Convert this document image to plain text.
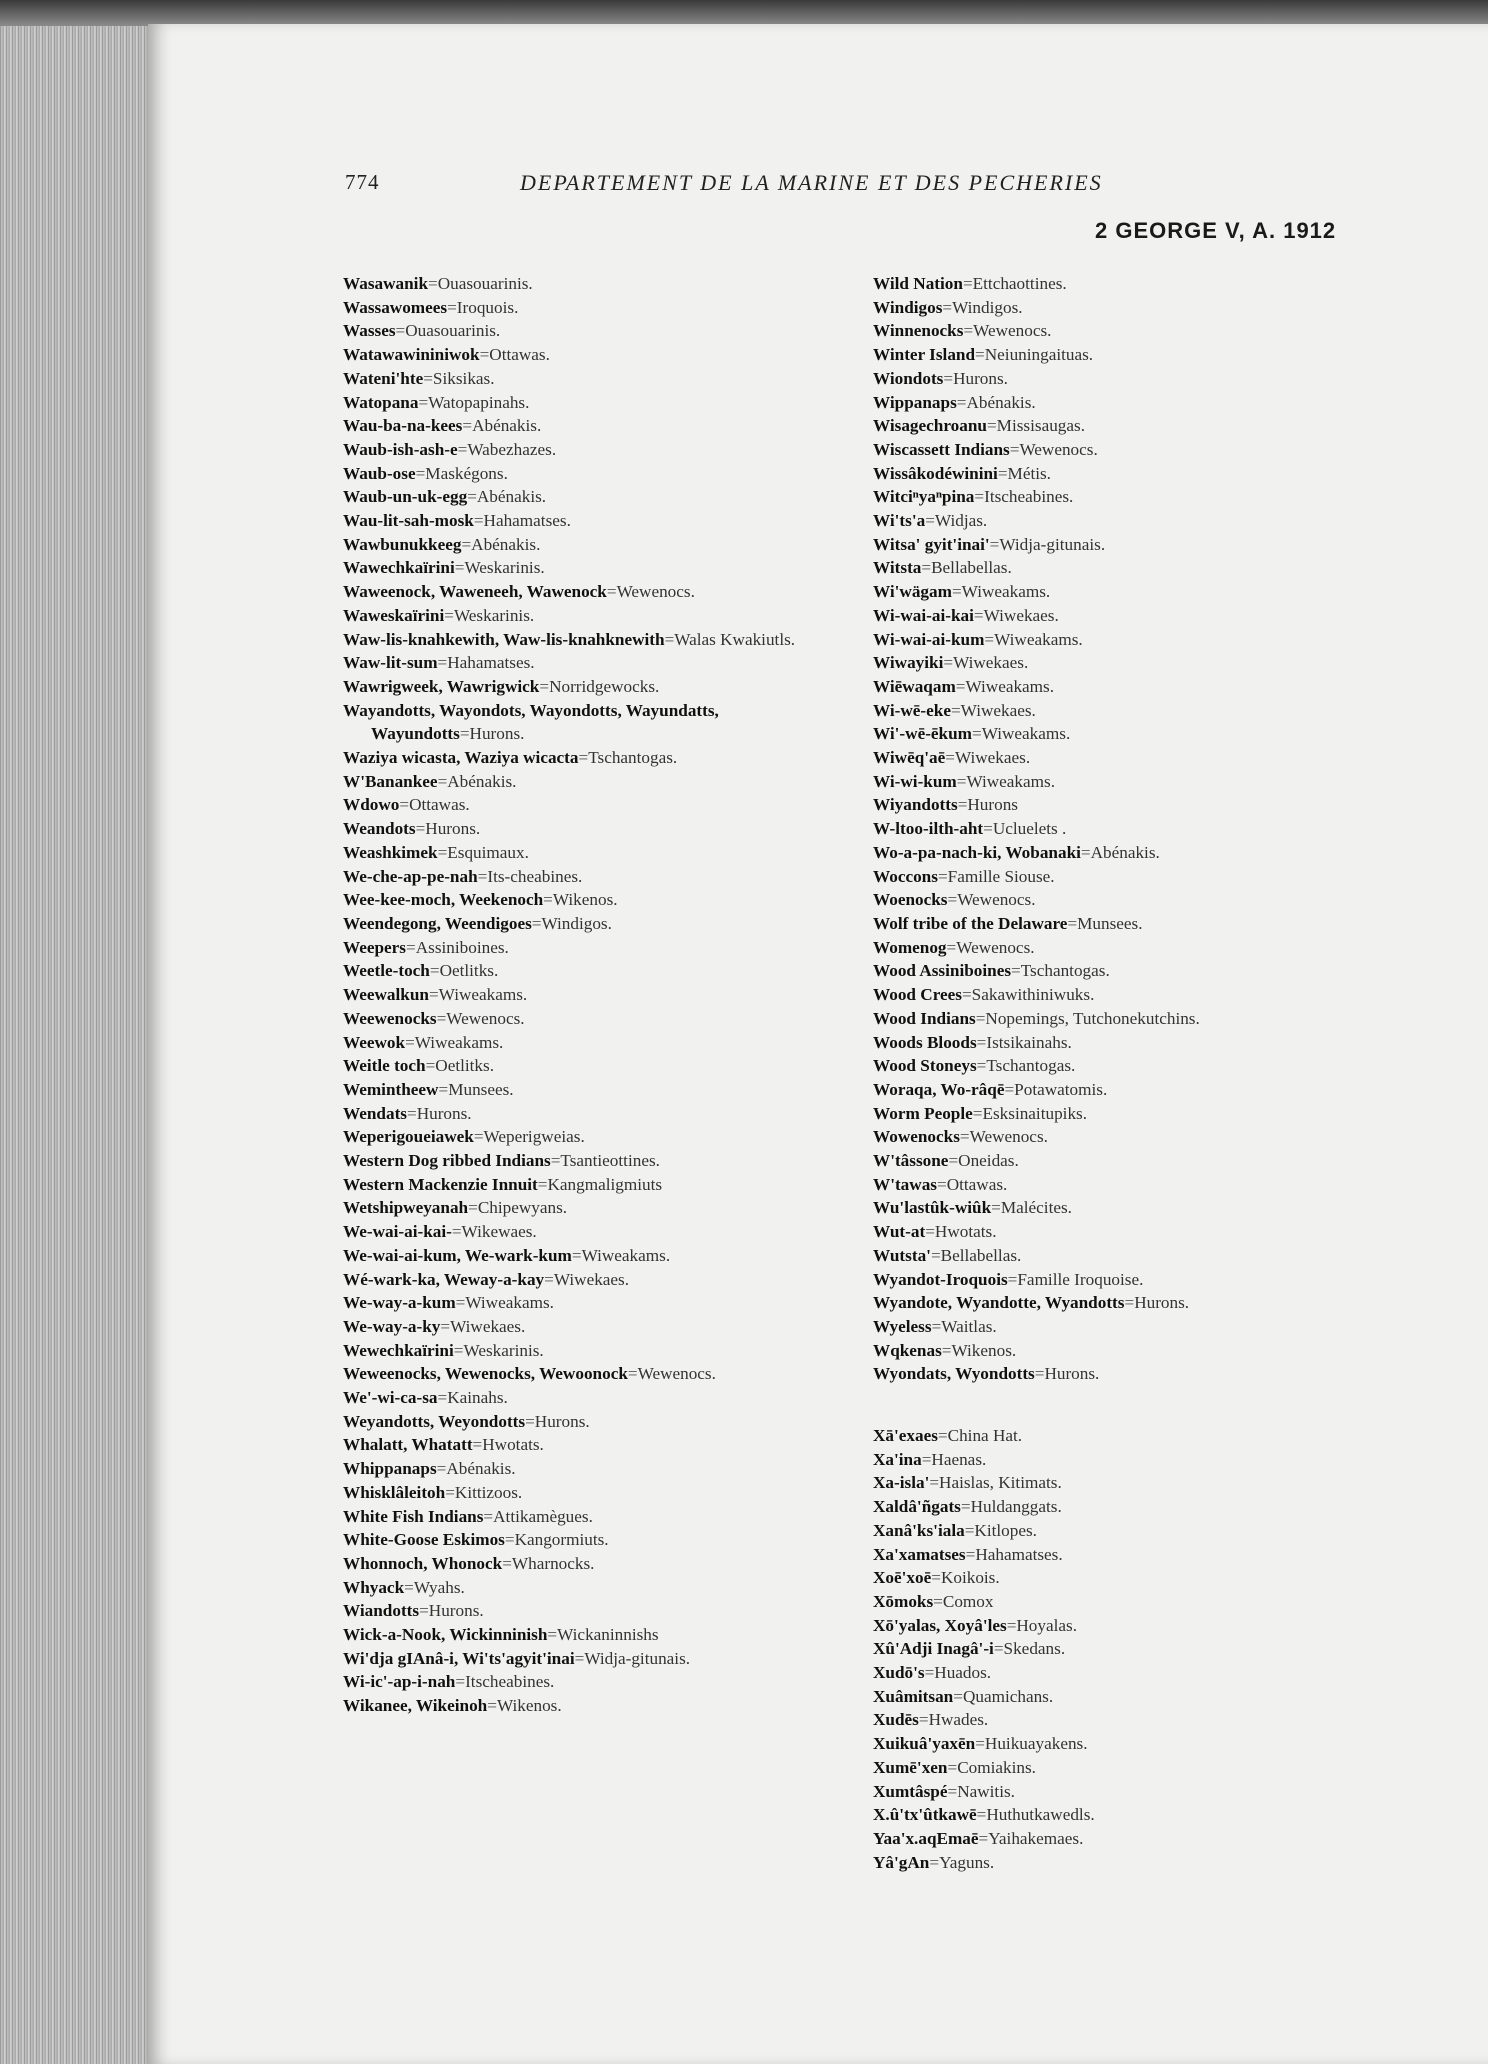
774	DEPARTEMENT DE LA MARINE ET DES PECHERIES
2 GEORGE V, A. 1912

Wasawanik=Ouasouarinis.

Wassawomees=Iroquois.

Wasses=Ouasouarinis.

Watawawininiwok=Ottawas.

Wateni'hte=Siksikas.

Watopana=Watopapinahs.

Wau-ba-na-kees=Abénakis.

Waub-ish-ash-e=Wabezhazes.

Waub-ose=Maskégons.

Waub-un-uk-egg=Abénakis.

Wau-lit-sah-mosk=Hahamatses.

Wawbunukkeeg=Abénakis.

Wawechkaïrini=Weskarinis.

Waweenock, Waweneeh, Wawenock=Wewenocs.

Waweskaïrini=Weskarinis.

Waw-lis-knahkewith, Waw-lis-knahknewith=Walas Kwakiutls.

Waw-lit-sum=Hahamatses.

Wawrigweek, Wawrigwick=Norridgewocks.

Wayandotts, Wayondots, Wayondotts, Wayundatts, Wayundotts=Hurons.

Waziya wicasta, Waziya wicacta=Tschantogas.

W'Banankee=Abénakis.

Wdowo=Ottawas.

Weandots=Hurons.

Weashkimek=Esquimaux.

We-che-ap-pe-nah=Its-cheabines.

Wee-kee-moch, Weekenoch=Wikenos.

Weendegong, Weendigoes=Windigos.

Weepers=Assiniboines.

Weetle-toch=Oetlitks.

Weewalkun=Wiweakams.

Weewenocks=Wewenocs.

Weewok=Wiweakams.

Weitle toch=Oetlitks.

Wemintheew=Munsees.

Wendats=Hurons.

Weperigoueiawek=Weperigweias.

Western Dog ribbed Indians=Tsantieottines.

Western Mackenzie Innuit=Kangmaligmiuts

Wetshipweyanah=Chipewyans.

We-wai-ai-kai-=Wikewaes.

We-wai-ai-kum, We-wark-kum=Wiweakams.

Wé-wark-ka, Weway-a-kay=Wiwekaes.

We-way-a-kum=Wiweakams.

We-way-a-ky=Wiwekaes.

Wewechkaïrini=Weskarinis.

Weweenocks, Wewenocks, Wewoonock=Wewenocs.

We'-wi-ca-sa=Kainahs.

Weyandotts, Weyondotts=Hurons.

Whalatt, Whatatt=Hwotats.

Whippanaps=Abénakis.

Whisklâleitoh=Kittizoos.

White Fish Indians=Attikamègues.

White-Goose Eskimos=Kangormiuts.

Whonnoch, Whonock=Wharnocks.

Whyack=Wyahs.

Wiandotts=Hurons.

Wick-a-Nook, Wickinninish=Wickaninnishs

Wi'dja gIAnâ-i, Wi'ts'agyit'inai=Widja-gitunais.

Wi-ic'-ap-i-nah=Itscheabines.

Wikanee, Wikeinoh=Wikenos.

Wild Nation=Ettchaottines.

Windigos=Windigos.

Winnenocks=Wewenocs.

Winter Island=Neiuningaituas.

Wiondots=Hurons.

Wippanaps=Abénakis.

Wisagechroanu=Missisaugas.

Wiscassett Indians=Wewenocs.

Wissâkodéwinini=Métis.

Witciⁿyaⁿpina=Itscheabines.

Wi'ts'a=Widjas.

Witsa' gyit'inai'=Widja-gitunais.

Witsta=Bellabellas.

Wi'wägam=Wiweakams.

Wi-wai-ai-kai=Wiwekaes.

Wi-wai-ai-kum=Wiweakams.

Wiwayiki=Wiwekaes.

Wiēwaqam=Wiweakams.

Wi-wē-eke=Wiwekaes.

Wi'-wē-ēkum=Wiweakams.

Wiwēq'aē=Wiwekaes.

Wi-wi-kum=Wiweakams.

Wiyandotts=Hurons

W-ltoo-ilth-aht=Ucluelets .

Wo-a-pa-nach-ki, Wobanaki=Abénakis.

Woccons=Famille Siouse.

Woenocks=Wewenocs.

Wolf tribe of the Delaware=Munsees.

Womenog=Wewenocs.

Wood Assiniboines=Tschantogas.

Wood Crees=Sakawithiniwuks.

Wood Indians=Nopemings, Tutchonekutchins.

Woods Bloods=Istsikainahs.

Wood Stoneys=Tschantogas.

Woraqa, Wo-râqē=Potawatomis.

Worm People=Esksinaitupiks.

Wowenocks=Wewenocs.

W'tâssone=Oneidas.

W'tawas=Ottawas.

Wu'lastûk-wiûk=Malécites.

Wut-at=Hwotats.

Wutsta'=Bellabellas.

Wyandot-Iroquois=Famille Iroquoise.

Wyandote, Wyandotte, Wyandotts=Hurons.

Wyeless=Waitlas.

Wqkenas=Wikenos.

Wyondats, Wyondotts=Hurons.

Xā'exaes=China Hat.

Xa'ina=Haenas.

Xa-isla'=Haislas, Kitimats.

Xaldâ'ñgats=Huldanggats.

Xanâ'ks'iala=Kitlopes.

Xa'xamatses=Hahamatses.

Xoē'xoē=Koikois.

Xōmoks=Comox

Xō'yalas, Xoyâ'les=Hoyalas.

Xû'Adji Inagâ'-i=Skedans.

Xudō's=Huados.

Xuâmitsan=Quamichans.

Xudēs=Hwades.

Xuikuâ'yaxēn=Huikuayakens.

Xumē'xen=Comiakins.

Xumtâspé=Nawitis.

X.û'tx'ûtkawē=Huthutkawedls.

Yaa'x.aqEmaē=Yaihakemaes.

Yâ'gAn=Yaguns.
